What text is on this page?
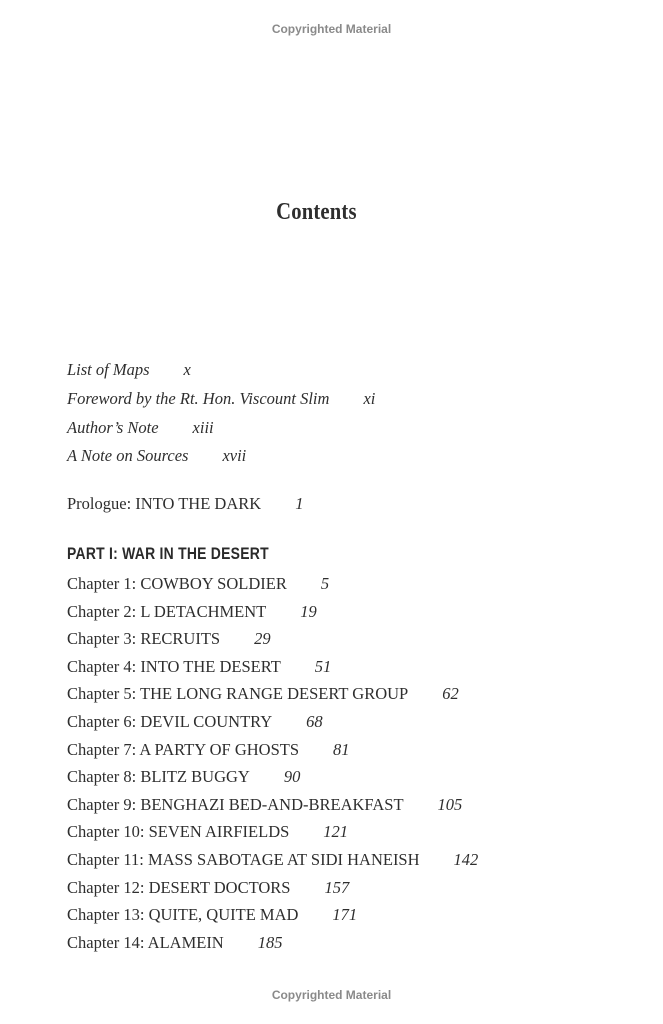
Copyrighted Material
Contents
List of Maps x
Foreword by the Rt. Hon. Viscount Slim xi
Author’s Note xiii
A Note on Sources xvii
Prologue: INTO THE DARK 1
PART I: WAR IN THE DESERT
Chapter 1: COWBOY SOLDIER 5
Chapter 2: L DETACHMENT 19
Chapter 3: RECRUITS 29
Chapter 4: INTO THE DESERT 51
Chapter 5: THE LONG RANGE DESERT GROUP 62
Chapter 6: DEVIL COUNTRY 68
Chapter 7: A PARTY OF GHOSTS 81
Chapter 8: BLITZ BUGGY 90
Chapter 9: BENGHAZI BED-AND-BREAKFAST 105
Chapter 10: SEVEN AIRFIELDS 121
Chapter 11: MASS SABOTAGE AT SIDI HANEISH 142
Chapter 12: DESERT DOCTORS 157
Chapter 13: QUITE, QUITE MAD 171
Chapter 14: ALAMEIN 185
Copyrighted Material
